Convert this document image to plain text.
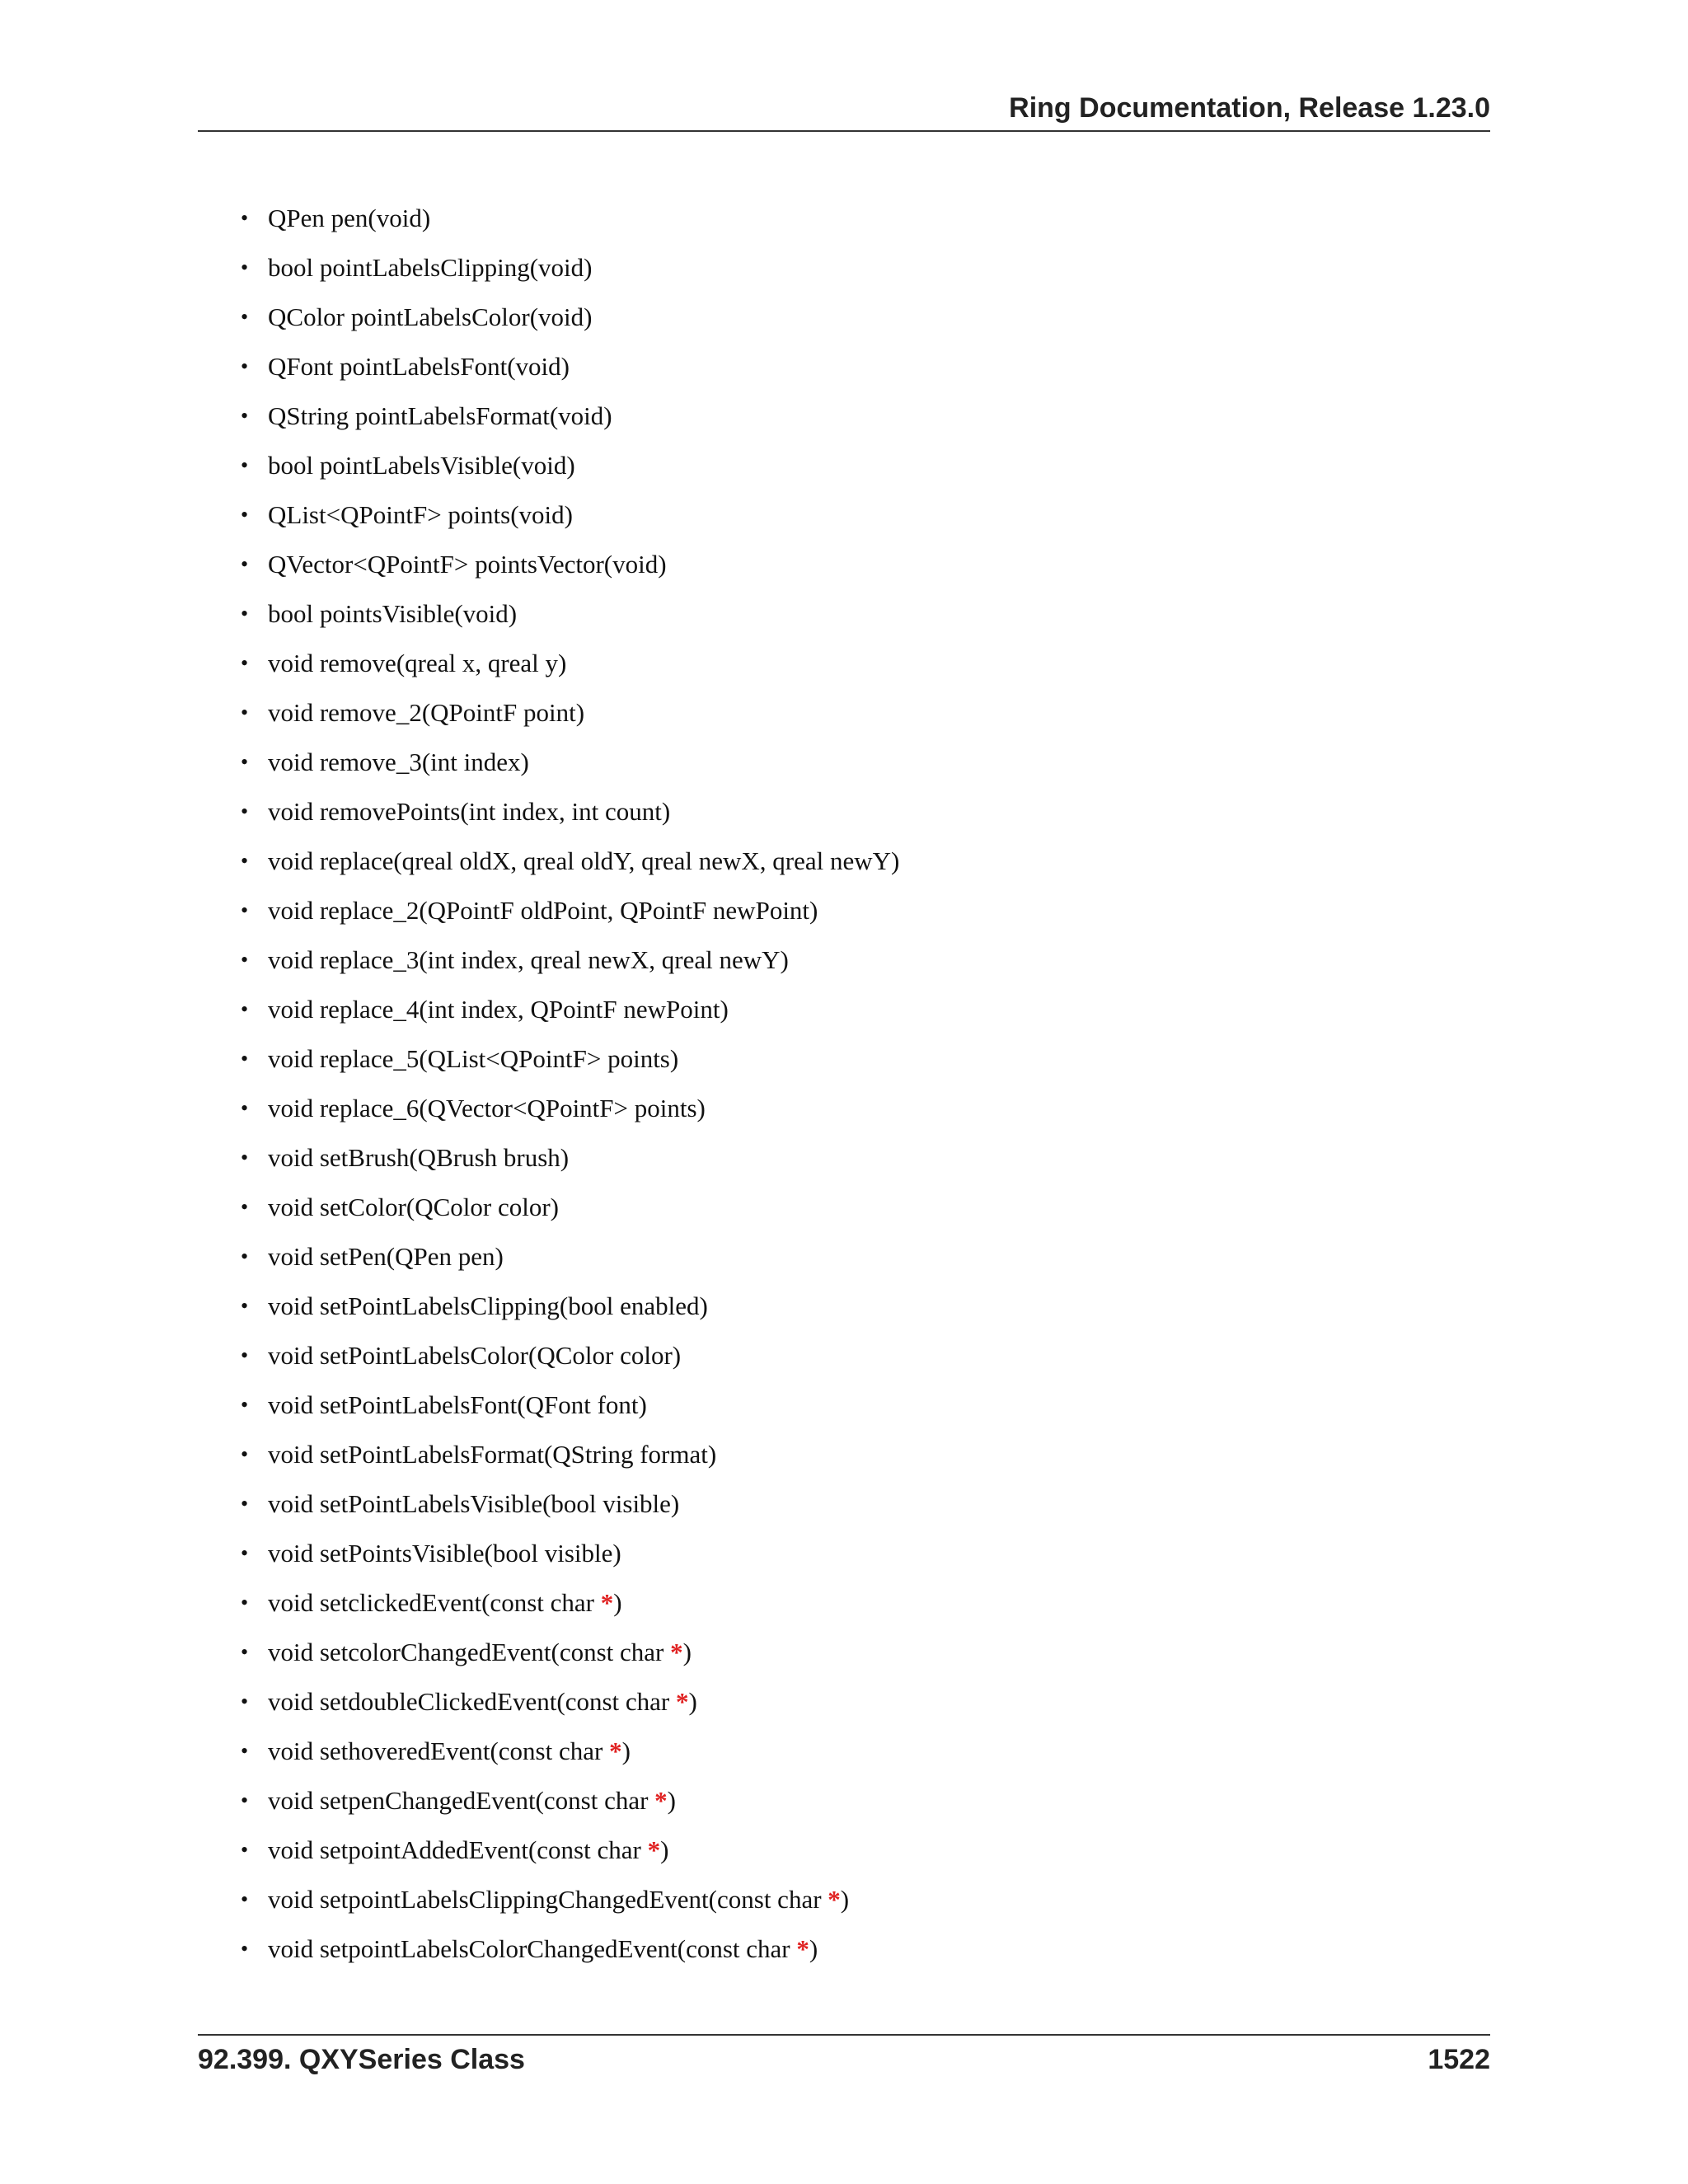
Ring Documentation, Release 1.23.0
• QPen pen(void)
• bool pointLabelsClipping(void)
• QColor pointLabelsColor(void)
• QFont pointLabelsFont(void)
• QString pointLabelsFormat(void)
• bool pointLabelsVisible(void)
• QList<QPointF> points(void)
• QVector<QPointF> pointsVector(void)
• bool pointsVisible(void)
• void remove(qreal x, qreal y)
• void remove_2(QPointF point)
• void remove_3(int index)
• void removePoints(int index, int count)
• void replace(qreal oldX, qreal oldY, qreal newX, qreal newY)
• void replace_2(QPointF oldPoint, QPointF newPoint)
• void replace_3(int index, qreal newX, qreal newY)
• void replace_4(int index, QPointF newPoint)
• void replace_5(QList<QPointF> points)
• void replace_6(QVector<QPointF> points)
• void setBrush(QBrush brush)
• void setColor(QColor color)
• void setPen(QPen pen)
• void setPointLabelsClipping(bool enabled)
• void setPointLabelsColor(QColor color)
• void setPointLabelsFont(QFont font)
• void setPointLabelsFormat(QString format)
• void setPointLabelsVisible(bool visible)
• void setPointsVisible(bool visible)
• void setclickedEvent(const char *)
• void setcolorChangedEvent(const char *)
• void setdoubleClickedEvent(const char *)
• void sethoveredEvent(const char *)
• void setpenChangedEvent(const char *)
• void setpointAddedEvent(const char *)
• void setpointLabelsClippingChangedEvent(const char *)
• void setpointLabelsColorChangedEvent(const char *)
92.399. QXYSeries Class	1522
